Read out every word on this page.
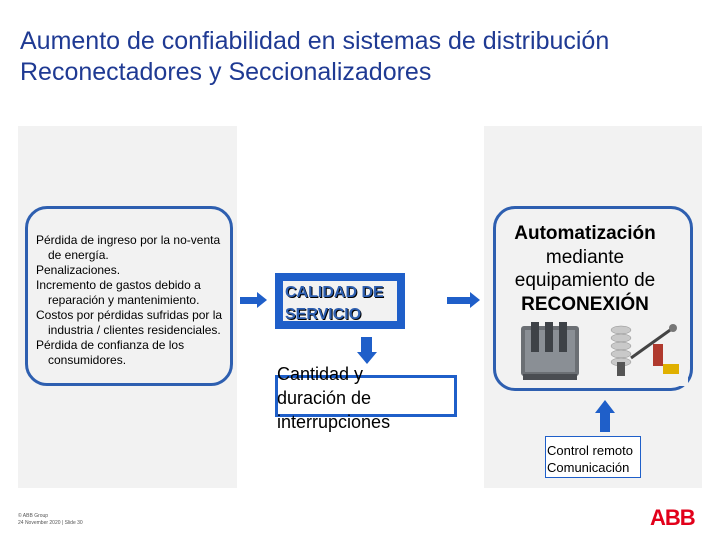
Aumento de confiabilidad en sistemas de distribución
Reconectadores y Seccionalizadores

Pérdida de ingreso por la no-venta de energía.

Penalizaciones.

Incremento de gastos debido a reparación y mantenimiento.

Costos por pérdidas sufridas por la industria / clientes residenciales.

Pérdida de confianza de los consumidores.

CALIDAD DE SERVICIO
Cantidad y duración de interrupciones
Automatización
mediante
equipamiento de
RECONEXIÓN
Control remoto
Comunicación
© ABB Group
24 November 2020 | Slide 30	ABB
